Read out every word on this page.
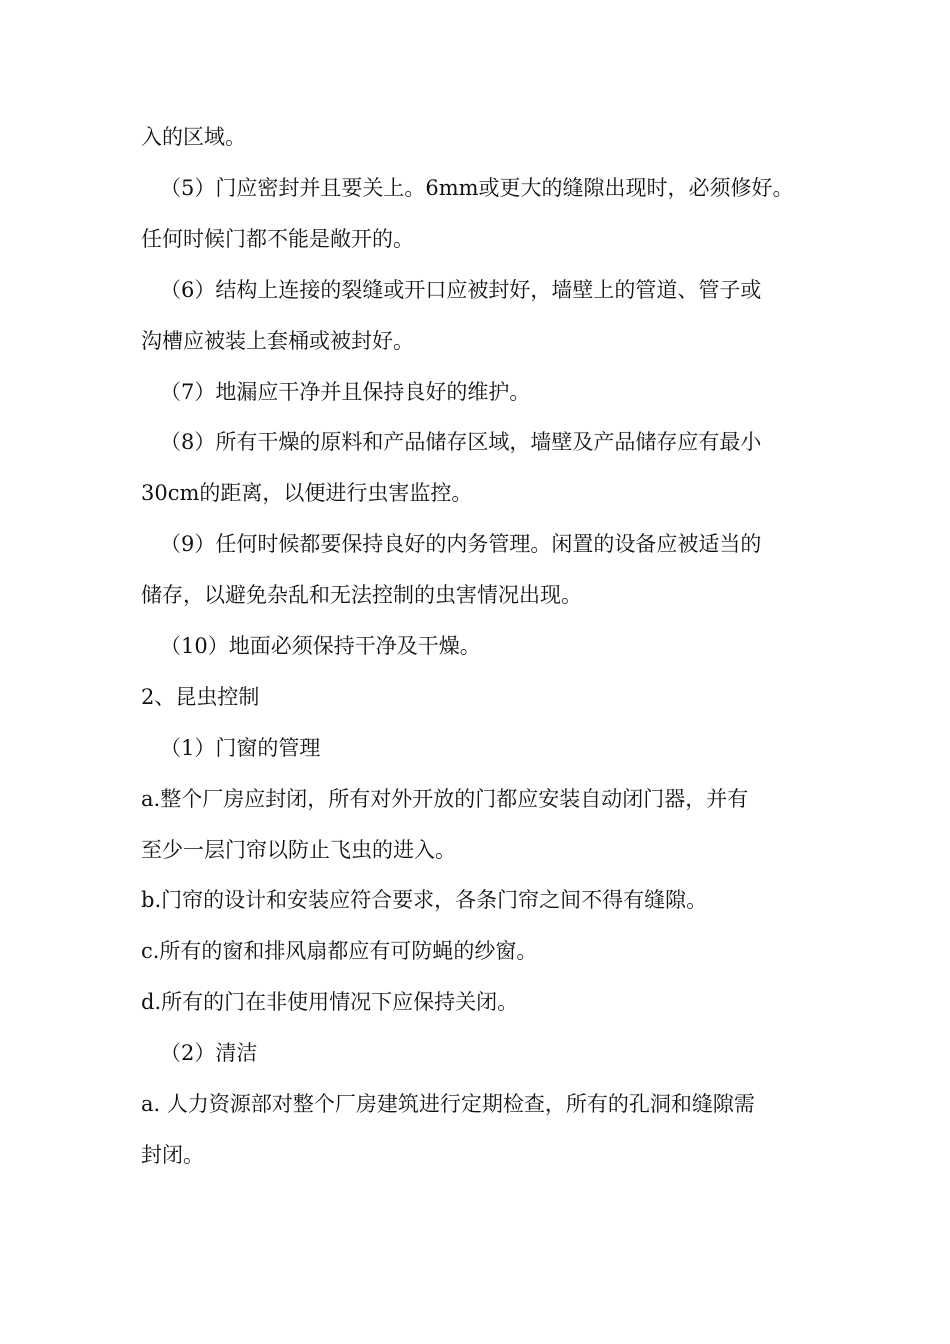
入的区域。
（5）门应密封并且要关上。6mm或更大的缝隙出现时，必须修好。
任何时候门都不能是敞开的。
（6）结构上连接的裂缝或开口应被封好，墙壁上的管道、管子或
沟槽应被装上套桶或被封好。
（7）地漏应干净并且保持良好的维护。
（8）所有干燥的原料和产品储存区域，墙壁及产品储存应有最小
30cm的距离，以便进行虫害监控。
（9）任何时候都要保持良好的内务管理。闲置的设备应被适当的
储存，以避免杂乱和无法控制的虫害情况出现。
（10）地面必须保持干净及干燥。
2、昆虫控制
（1）门窗的管理
a.整个厂房应封闭，所有对外开放的门都应安装自动闭门器，并有
至少一层门帘以防止飞虫的进入。
b.门帘的设计和安装应符合要求，各条门帘之间不得有缝隙。
c.所有的窗和排风扇都应有可防蝇的纱窗。
d.所有的门在非使用情况下应保持关闭。
（2）清洁
a. 人力资源部对整个厂房建筑进行定期检查，所有的孔洞和缝隙需
封闭。
